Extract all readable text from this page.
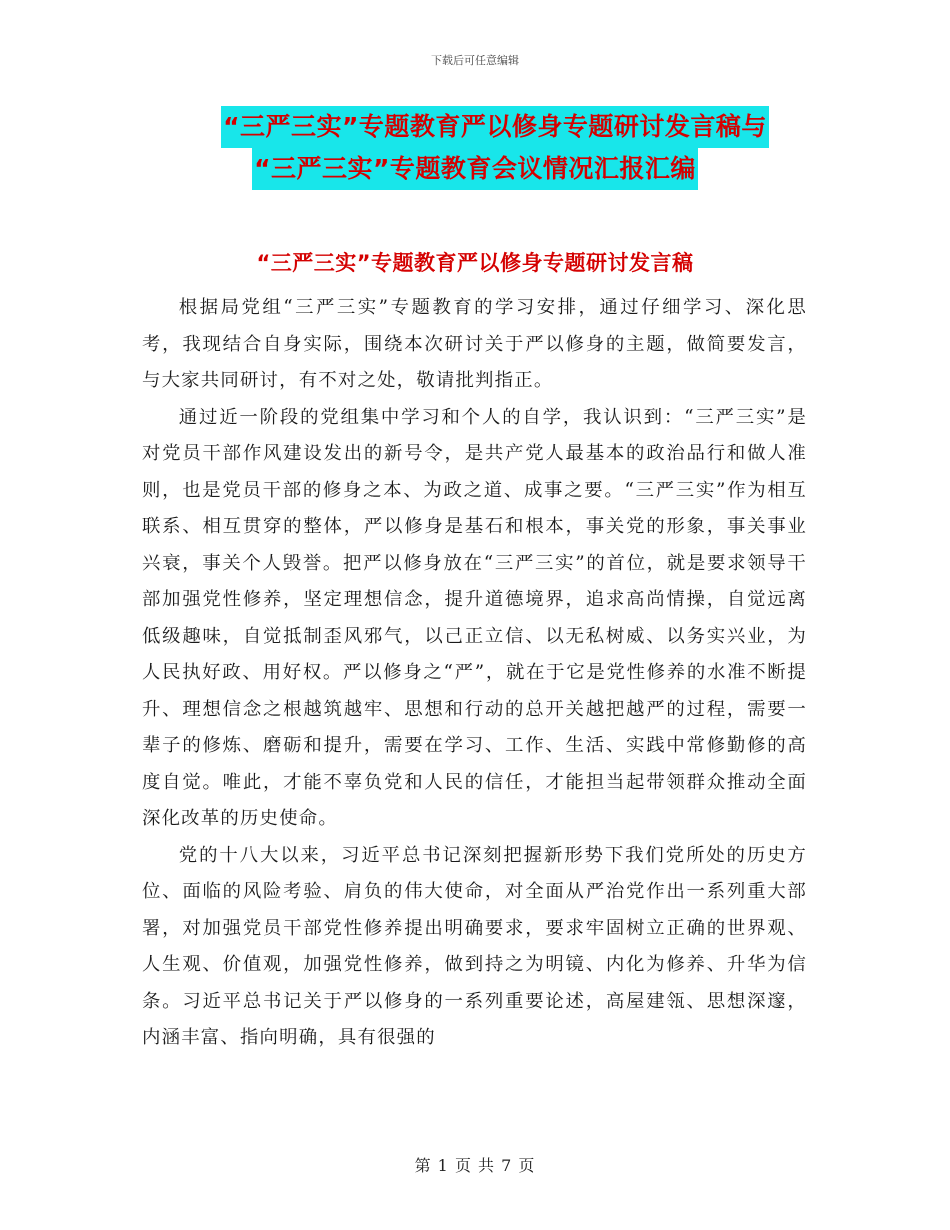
下载后可任意编辑
“三严三实”专题教育严以修身专题研讨发言稿与
“三严三实”专题教育会议情况汇报汇编
“三严三实”专题教育严以修身专题研讨发言稿

根据局党组“三严三实”专题教育的学习安排，通过仔细学习、深化思考，我现结合自身实际，围绕本次研讨关于严以修身的主题，做简要发言，与大家共同研讨，有不对之处，敬请批判指正。

通过近一阶段的党组集中学习和个人的自学，我认识到：“三严三实”是对党员干部作风建设发出的新号令，是共产党人最基本的政治品行和做人准则，也是党员干部的修身之本、为政之道、成事之要。“三严三实”作为相互联系、相互贯穿的整体，严以修身是基石和根本，事关党的形象，事关事业兴衰，事关个人毁誉。把严以修身放在“三严三实”的首位，就是要求领导干部加强党性修养，坚定理想信念，提升道德境界，追求高尚情操，自觉远离低级趣味，自觉抵制歪风邪气，以己正立信、以无私树威、以务实兴业，为人民执好政、用好权。严以修身之“严”，就在于它是党性修养的水准不断提升、理想信念之根越筑越牢、思想和行动的总开关越把越严的过程，需要一辈子的修炼、磨砺和提升，需要在学习、工作、生活、实践中常修勤修的高度自觉。唯此，才能不辜负党和人民的信任，才能担当起带领群众推动全面深化改革的历史使命。

党的十八大以来，习近平总书记深刻把握新形势下我们党所处的历史方位、面临的风险考验、肩负的伟大使命，对全面从严治党作出一系列重大部署，对加强党员干部党性修养提出明确要求，要求牢固树立正确的世界观、人生观、价值观，加强党性修养，做到持之为明镜、内化为修养、升华为信条。习近平总书记关于严以修身的一系列重要论述，高屋建瓴、思想深邃，内涵丰富、指向明确，具有很强的

第 1 页 共 7 页
